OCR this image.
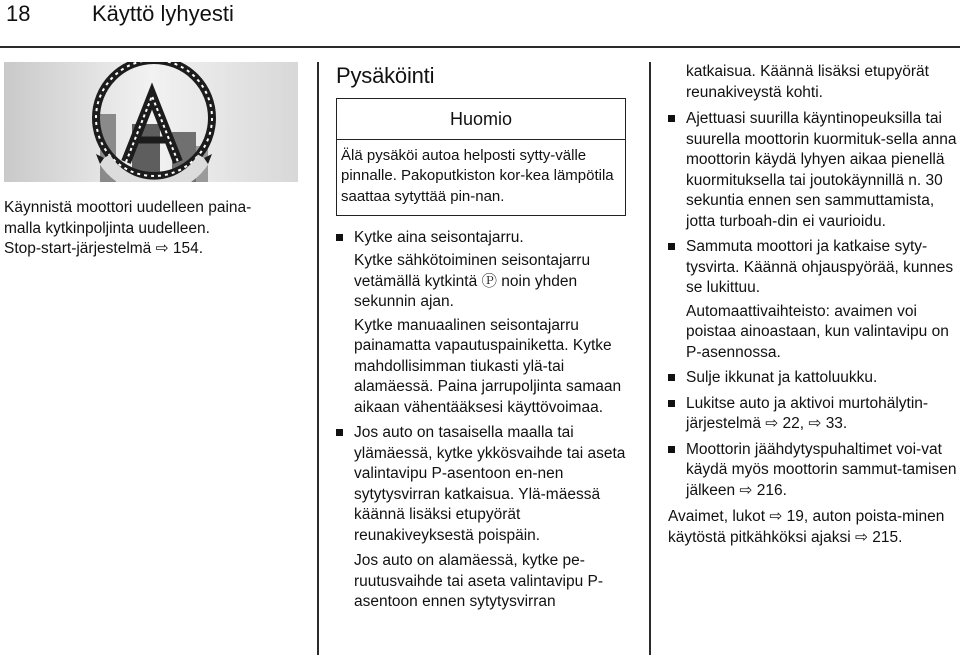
18	Käyttö lyhyesti

Käynnistä moottori uudelleen paina-

malla kytkinpoljinta uudelleen.

Stop-start-järjestelmä ⇨ 154.

Pysäköinti
Huomio
Älä pysäköi autoa helposti sytty-välle pinnalle. Pakoputkiston kor-kea lämpötila saattaa sytyttää pin-nan.

Kytke aina seisontajarru.

Kytke sähkötoiminen seisontajarru vetämällä kytkintä Ⓟ noin yhden sekunnin ajan.

Kytke manuaalinen seisontajarru painamatta vapautuspainiketta. Kytke mahdollisimman tiukasti ylä-tai alamäessä. Paina jarrupoljinta samaan aikaan vähentääksesi käyttövoimaa.

Jos auto on tasaisella maalla tai ylämäessä, kytke ykkösvaihde tai aseta valintavipu P-asentoon en-nen sytytysvirran katkaisua. Ylä-mäessä käännä lisäksi etupyörät reunakiveyksestä poispäin.

Jos auto on alamäessä, kytke pe-ruutusvaihde tai aseta valintavipu P-asentoon ennen sytytysvirran

katkaisua. Käännä lisäksi etupyörät reunakiveystä kohti.

Ajettuasi suurilla käyntinopeuksilla tai suurella moottorin kuormituk-sella anna moottorin käydä lyhyen aikaa pienellä kuormituksella tai joutokäynnillä n. 30 sekuntia ennen sen sammuttamista, jotta turboah-din ei vaurioidu.

Sammuta moottori ja katkaise syty-tysvirta. Käännä ohjauspyörää, kunnes se lukittuu.

Automaattivaihteisto: avaimen voi poistaa ainoastaan, kun valintavipu on P-asennossa.

Sulje ikkunat ja kattoluukku.

Lukitse auto ja aktivoi murtohälytin-järjestelmä ⇨ 22, ⇨ 33.

Moottorin jäähdytyspuhaltimet voi-vat käydä myös moottorin sammut-tamisen jälkeen ⇨ 216.

Avaimet, lukot ⇨ 19, auton poista-minen käytöstä pitkähköksi ajaksi ⇨ 215.
